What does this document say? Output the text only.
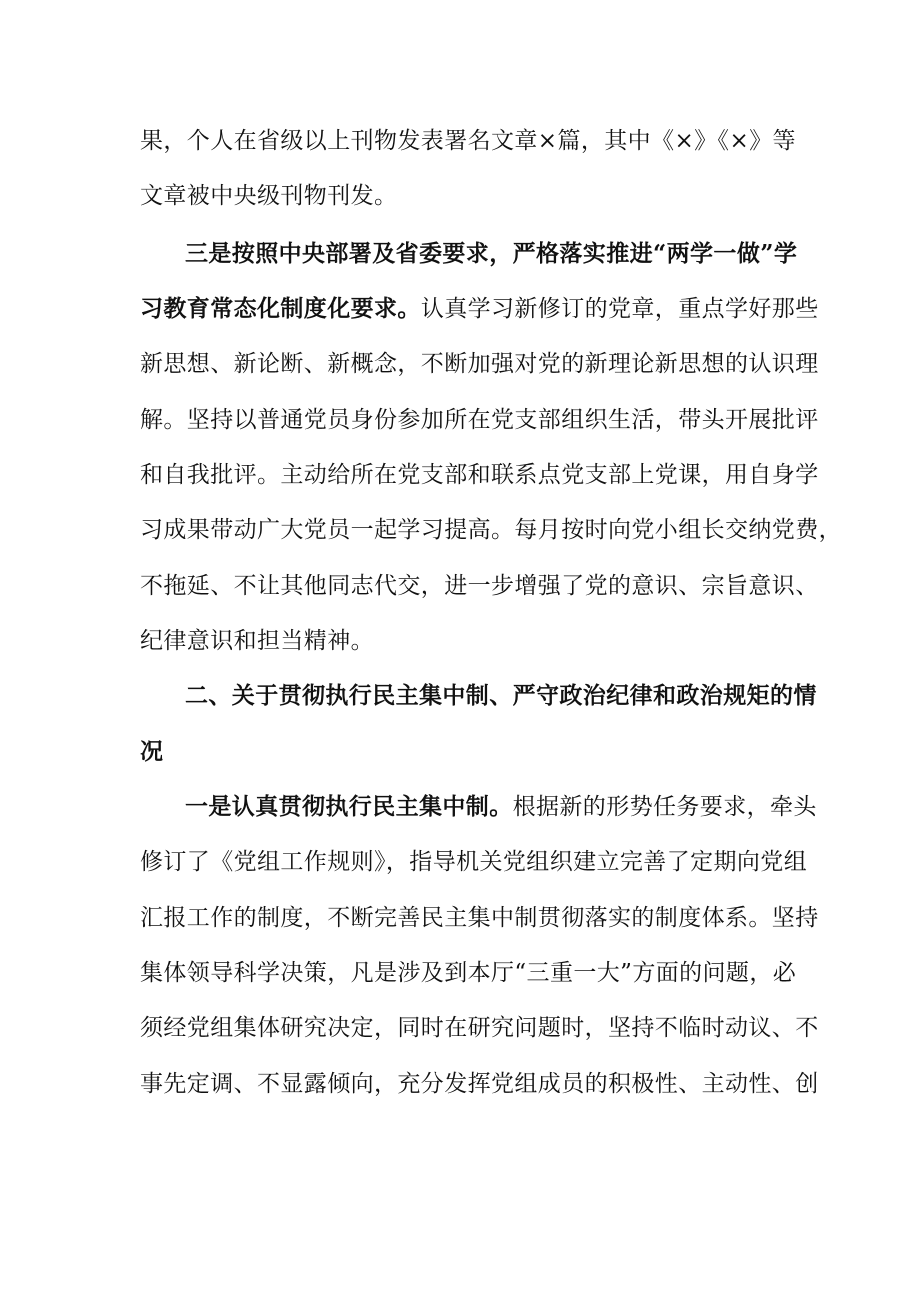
果，个人在省级以上刊物发表署名文章×篇，其中《×》《×》等
文章被中央级刊物刊发。
三是按照中央部署及省委要求，严格落实推进“两学一做”学
习教育常态化制度化要求。认真学习新修订的党章，重点学好那些
新思想、新论断、新概念，不断加强对党的新理论新思想的认识理
解。坚持以普通党员身份参加所在党支部组织生活，带头开展批评
和自我批评。主动给所在党支部和联系点党支部上党课，用自身学
习成果带动广大党员一起学习提高。每月按时向党小组长交纳党费，
不拖延、不让其他同志代交，进一步增强了党的意识、宗旨意识、
纪律意识和担当精神。
二、关于贯彻执行民主集中制、严守政治纪律和政治规矩的情
况
一是认真贯彻执行民主集中制。根据新的形势任务要求，牵头
修订了《党组工作规则》，指导机关党组织建立完善了定期向党组
汇报工作的制度，不断完善民主集中制贯彻落实的制度体系。坚持
集体领导科学决策，凡是涉及到本厅“三重一大”方面的问题，必
须经党组集体研究决定，同时在研究问题时，坚持不临时动议、不
事先定调、不显露倾向，充分发挥党组成员的积极性、主动性、创
